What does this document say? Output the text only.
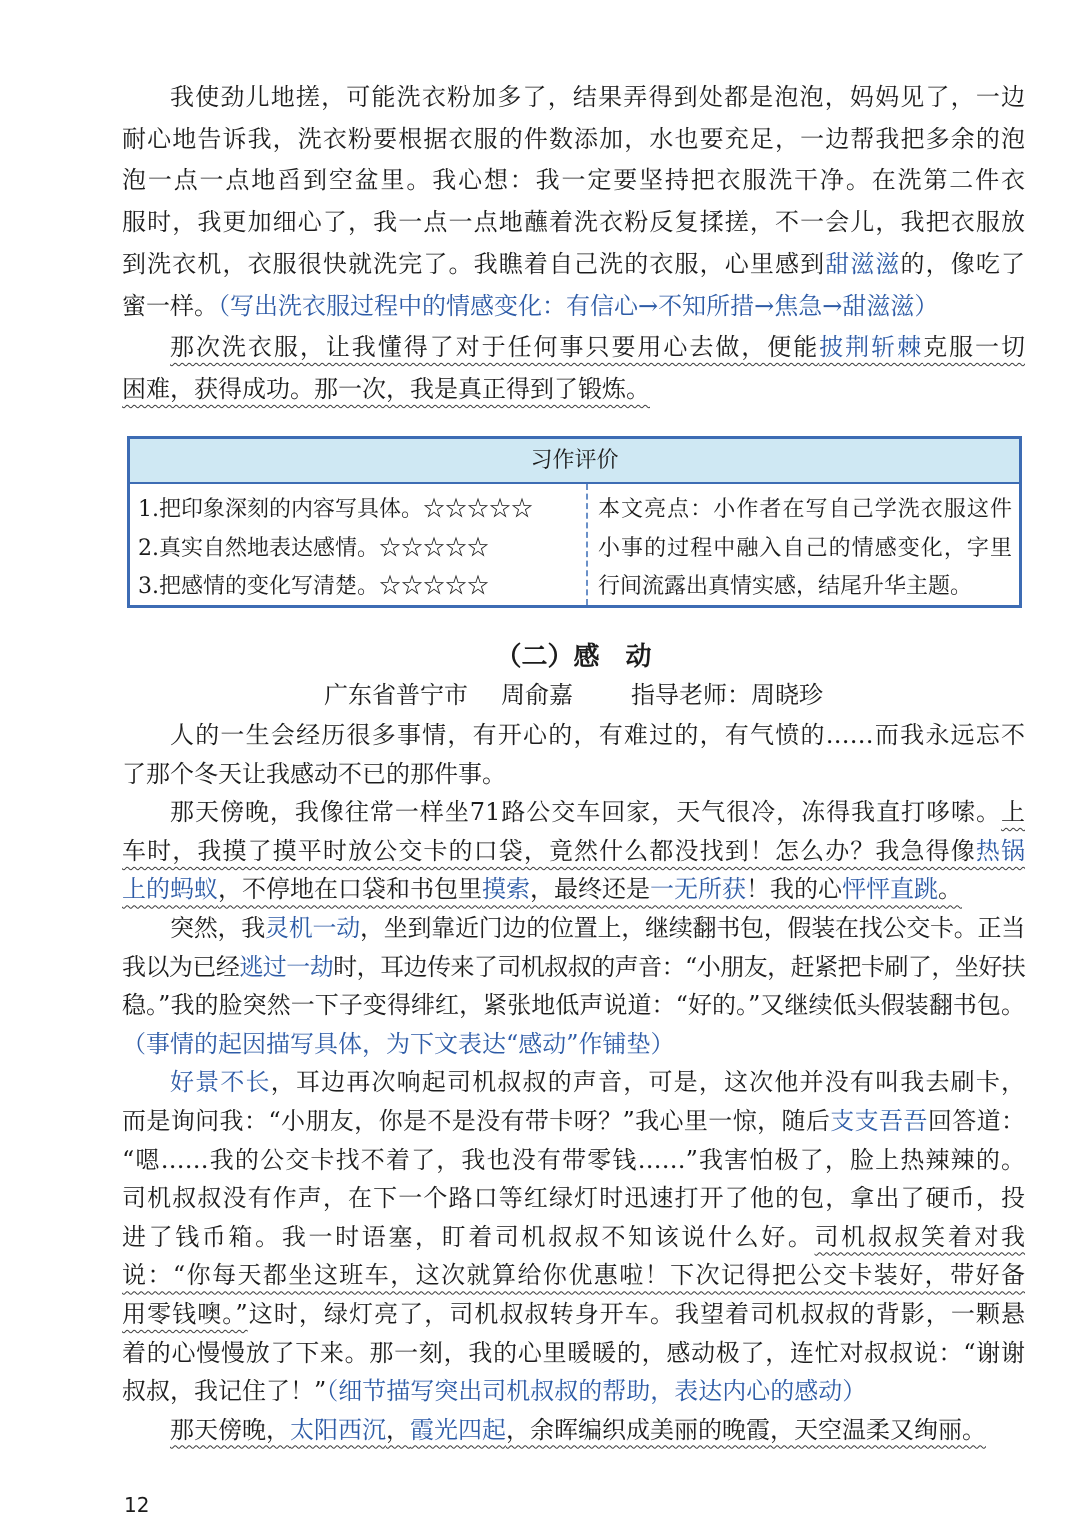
我使劲儿地搓，可能洗衣粉加多了，结果弄得到处都是泡泡，妈妈见了，一边
耐心地告诉我，洗衣粉要根据衣服的件数添加，水也要充足，一边帮我把多余的泡
泡一点一点地舀到空盆里。我心想：我一定要坚持把衣服洗干净。在洗第二件衣
服时，我更加细心了，我一点一点地蘸着洗衣粉反复揉搓，不一会儿，我把衣服放
到洗衣机，衣服很快就洗完了。我瞧着自己洗的衣服，心里感到甜滋滋的，像吃了
蜜一样。（写出洗衣服过程中的情感变化：有信心→不知所措→焦急→甜滋滋）
那次洗衣服，让我懂得了对于任何事只要用心去做，便能披荆斩棘克服一切
困难，获得成功。那一次，我是真正得到了锻炼。
习作评价
1.把印象深刻的内容写具体。☆☆☆☆☆
2.真实自然地表达感情。☆☆☆☆☆
3.把感情的变化写清楚。☆☆☆☆☆
本文亮点：小作者在写自己学洗衣服这件
小事的过程中融入自己的情感变化，字里
行间流露出真情实感，结尾升华主题。
（二）感　动
广东省普宁市 周俞嘉 指导老师：周晓珍
人的一生会经历很多事情，有开心的，有难过的，有气愤的……而我永远忘不
了那个冬天让我感动不已的那件事。
那天傍晚，我像往常一样坐71路公交车回家，天气很冷，冻得我直打哆嗦。上
车时，我摸了摸平时放公交卡的口袋，竟然什么都没找到！怎么办？我急得像热锅
上的蚂蚁，不停地在口袋和书包里摸索，最终还是一无所获！我的心怦怦直跳。
突然，我灵机一动，坐到靠近门边的位置上，继续翻书包，假装在找公交卡。正当
我以为已经逃过一劫时，耳边传来了司机叔叔的声音：“小朋友，赶紧把卡刷了，坐好扶
稳。”我的脸突然一下子变得绯红，紧张地低声说道：“好的。”又继续低头假装翻书包。
（事情的起因描写具体，为下文表达“感动”作铺垫）
好景不长，耳边再次响起司机叔叔的声音，可是，这次他并没有叫我去刷卡，
而是询问我：“小朋友，你是不是没有带卡呀？”我心里一惊，随后支支吾吾回答道：
“嗯……我的公交卡找不着了，我也没有带零钱……”我害怕极了，脸上热辣辣的。
司机叔叔没有作声，在下一个路口等红绿灯时迅速打开了他的包，拿出了硬币，投
进了钱币箱。我一时语塞，盯着司机叔叔不知该说什么好。司机叔叔笑着对我
说：“你每天都坐这班车，这次就算给你优惠啦！下次记得把公交卡装好，带好备
用零钱噢。”这时，绿灯亮了，司机叔叔转身开车。我望着司机叔叔的背影，一颗悬
着的心慢慢放了下来。那一刻，我的心里暖暖的，感动极了，连忙对叔叔说：“谢谢
叔叔，我记住了！”（细节描写突出司机叔叔的帮助，表达内心的感动）
那天傍晚，太阳西沉，霞光四起，余晖编织成美丽的晚霞，天空温柔又绚丽。
12
